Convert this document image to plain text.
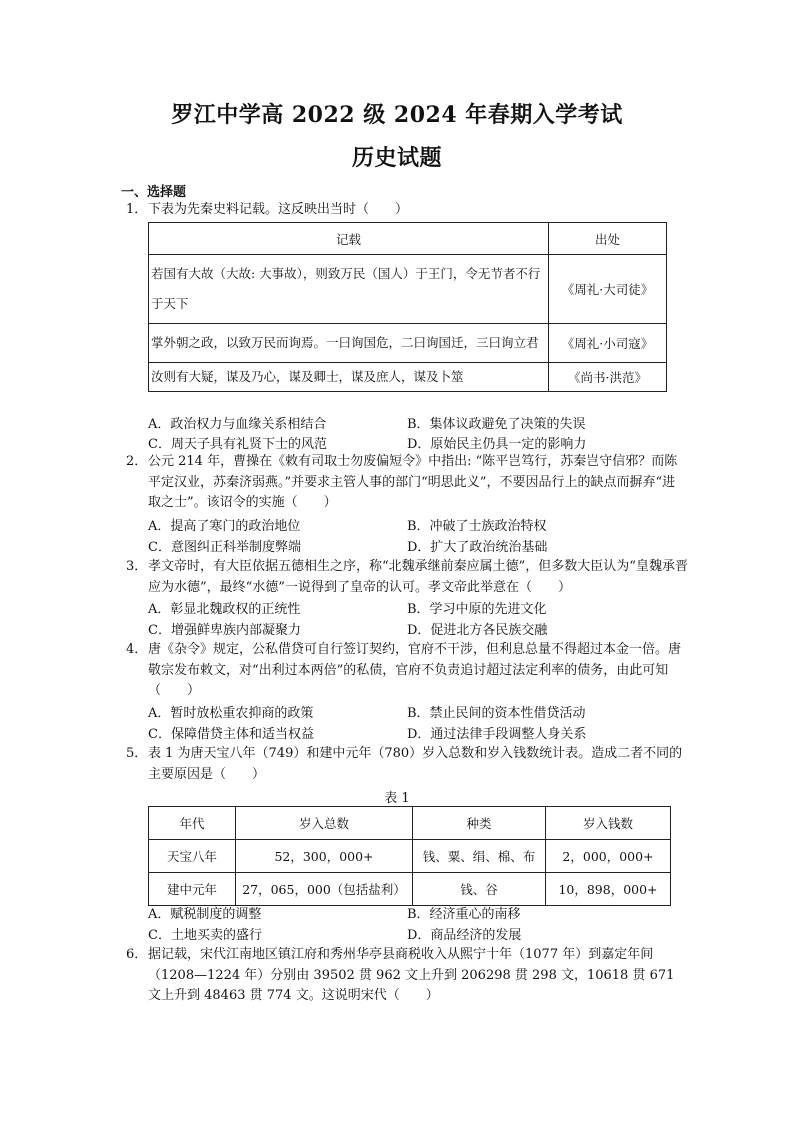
罗江中学高 2022 级 2024 年春期入学考试
历史试题
一、选择题
1． 下表为先秦史料记载。这反映出当时（　　）
记载	出处
若国有大故（大故: 大事故），则致万民（国人）于王门，令无节者不行于天下	《周礼·大司徒》
掌外朝之政，以致万民而询焉。一曰询国危，二曰询国迁，三曰询立君	《周礼·小司寇》
汝则有大疑，谋及乃心，谋及卿士，谋及庶人，谋及卜筮	《尚书·洪范》
A．政治权力与血缘关系相结合	B．集体议政避免了决策的失误
C．周天子具有礼贤下士的风范	D．原始民主仍具一定的影响力
2． 公元 214 年，曹操在《敕有司取士勿废偏短令》中指出: “陈平岂笃行，苏秦岂守信邪？而陈平定汉业，苏秦济弱燕。”并要求主管人事的部门“明思此义”，不要因品行上的缺点而摒弃“进取之士”。该诏令的实施（　　）
A．提高了寒门的政治地位	B．冲破了士族政治特权
C．意图纠正科举制度弊端	D．扩大了政治统治基础
3． 孝文帝时，有大臣依据五德相生之序，称“北魏承继前秦应属土德”，但多数大臣认为“皇魏承晋应为水德”，最终“水德”一说得到了皇帝的认可。孝文帝此举意在（　　）
A．彰显北魏政权的正统性	B．学习中原的先进文化
C．增强鲜卑族内部凝聚力	D．促进北方各民族交融
4． 唐《杂令》规定，公私借贷可自行签订契约，官府不干涉，但利息总量不得超过本金一倍。唐敬宗发布敕文，对“出利过本两倍”的私债，官府不负责追讨超过法定利率的债务，由此可知（　　）
A．暂时放松重农抑商的政策	B．禁止民间的资本性借贷活动
C．保障借贷主体和适当权益	D．通过法律手段调整人身关系
5． 表 1 为唐天宝八年（749）和建中元年（780）岁入总数和岁入钱数统计表。造成二者不同的主要原因是（　　）
表 1
年代	岁入总数	种类	岁入钱数
天宝八年	52，300，000+	钱、粟、绢、棉、布	2，000，000+
建中元年	27，065，000（包括盐利）	钱、谷	10，898，000+
A．赋税制度的调整	B．经济重心的南移
C．土地买卖的盛行	D．商品经济的发展
6． 据记载，宋代江南地区镇江府和秀州华亭县商税收入从熙宁十年（1077 年）到嘉定年间（1208—1224 年）分别由 39502 贯 962 文上升到 206298 贯 298 文，10618 贯 671 文上升到 48463 贯 774 文。这说明宋代（　　）
